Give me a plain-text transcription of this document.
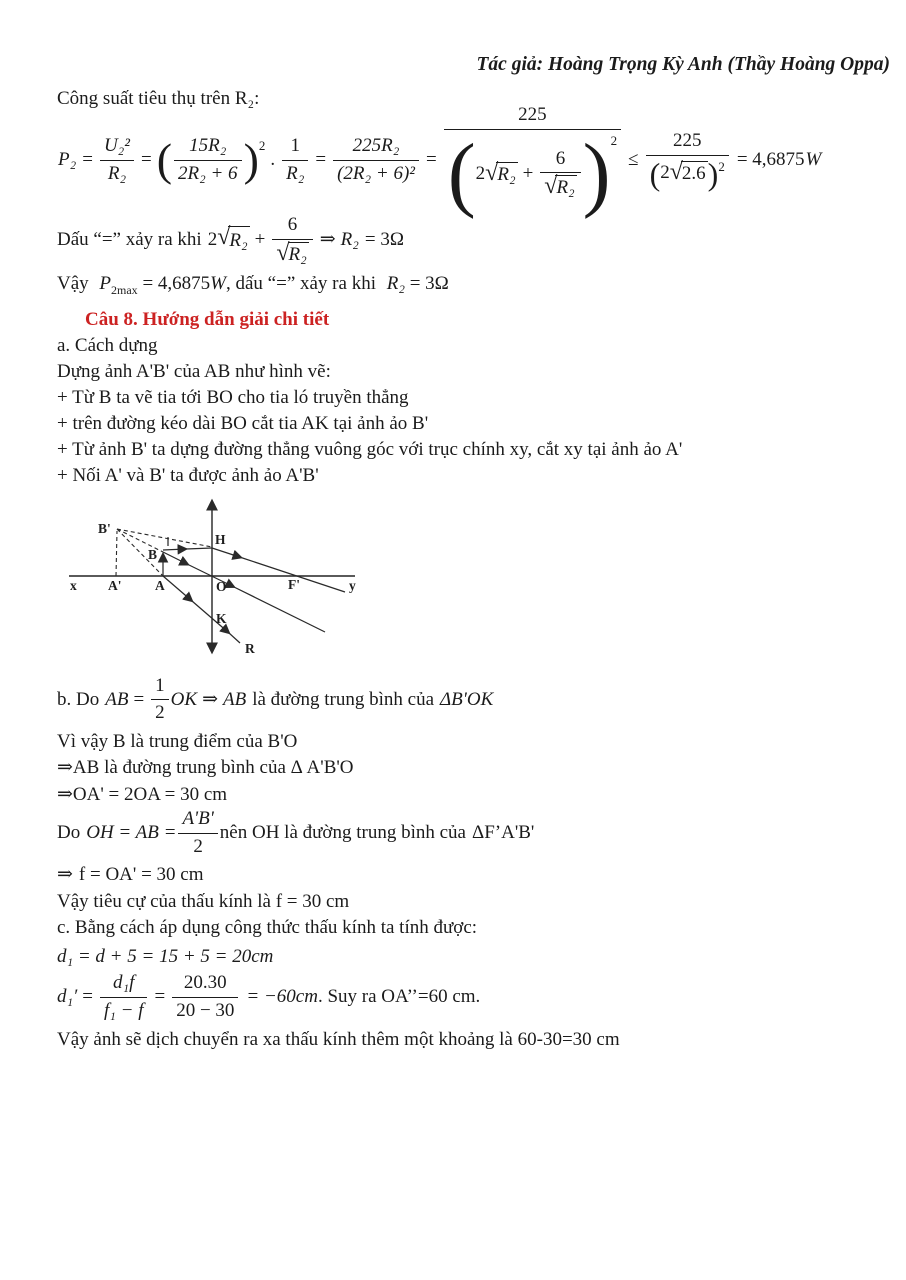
Tác giả: Hoàng Trọng Kỳ Anh (Thầy Hoàng Oppa)
Công suất tiêu thụ trên R₂:
$P_2 = \frac{\text{U₂²}}{\text{R₂}}$ = ( $\frac{\text{15R₂}}{\text{2R₂ + 6}}$ ) 2
. $\frac{1}{\text{R₂}} = \frac{\text{225R₂}}{\text{(2R₂ + 6)²}}$ =
225
( 2 √ $R_2 + \frac{6}{\text{√ R₂}}$ ) 2
≤
225
( 2 √ 2.6 ) 2 = 4,6875 W
Dấu “=” xảy ra khi 2 √ $R_2 + \frac{6}{\text{√ R₂}}$ ⇒ R₂ = 3Ω
Vậy $P_{2max} = 4,6875W$, dấu “=” xảy ra khi R₂ = 3Ω
Câu 8. Hướng dẫn giải chi tiết
a. Cách dựng
Dựng ảnh A'B' của AB như hình vẽ:
+ Từ B ta vẽ tia tới BO cho tia ló truyền thẳng
+ trên đường kéo dài BO cắt tia AK tại ảnh ảo B'
+ Từ ảnh B' ta dựng đường thẳng vuông góc với trục chính xy, cắt xy tại ảnh ảo A'
+ Nối A' và B' ta được ảnh ảo A'B'
B'
B
H
x A' A	O	F'	y
K
R
b. Do AB = $\frac{1}{2}$ OK ⇒ AB là đường trung bình của ΔB'OK
Vì vậy B là trung điểm của B'O
⇒AB là đường trung bình của Δ A'B'O
⇒OA' = 2OA = 30 cm
Do OH = AB = $\frac{A'B'}{2}$ nên OH là đường trung bình của ΔF’A'B'
⇒ f = OA' = 30 cm
Vậy tiêu cự của thấu kính là f = 30 cm
c. Bằng cách áp dụng công thức thấu kính ta tính được:
d₁ = d + 5 = 15 + 5 = 20cm
$d_1' = \frac{\text{d₁f}}{\text{f₁ − f}} = \frac{20.30}{20 - 30} = -60cm$ . Suy ra OA’’=60 cm.
Vậy ảnh sẽ dịch chuyển ra xa thấu kính thêm một khoảng là 60-30=30 cm
